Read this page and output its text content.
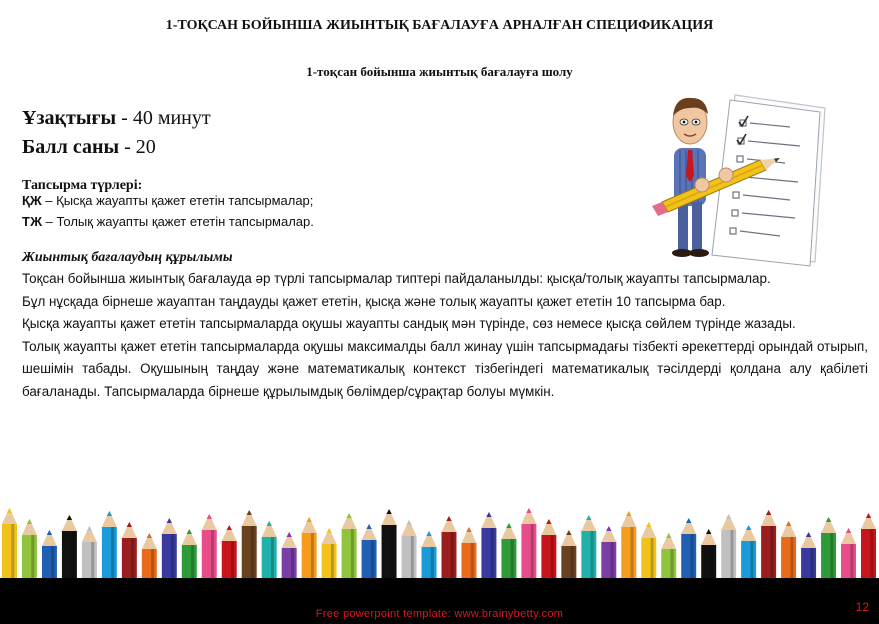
1-ТОҚСАН БОЙЫНША ЖИЫНТЫҚ БАҒАЛАУҒА АРНАЛҒАН СПЕЦИФИКАЦИЯ
1-тоқсан бойынша жиынтық бағалауға шолу
Ұзақтығы - 40 минут
Балл саны - 20
Тапсырма түрлері:
ҚЖ – Қысқа жауапты қажет ететін тапсырмалар;
ТЖ – Толық жауапты қажет ететін тапсырмалар.
Жиынтық бағалаудың құрылымы

Тоқсан бойынша жиынтық бағалауда әр түрлі тапсырмалар типтері пайдаланылды: қысқа/толық жауапты тапсырмалар.

Бұл нұсқада бірнеше жауаптан таңдауды қажет ететін, қысқа және толық жауапты қажет ететін 10 тапсырма бар.

Қысқа жауапты қажет ететін тапсырмаларда оқушы жауапты сандық мән түрінде, сөз немесе қысқа сөйлем түрінде жазады.

Толық жауапты қажет ететін тапсырмаларда оқушы максималды балл жинау үшін тапсырмадағы тізбекті әрекеттерді орындай отырып, шешімін табады. Оқушының таңдау және математикалық контекст тізбегіндегі математикалық тәсілдерді қолдана алу қабілеті бағаланады. Тапсырмаларда бірнеше құрылымдық бөлімдер/сұрақтар болуы мүмкін.

Free powerpoint template: www.brainybetty.com	12
